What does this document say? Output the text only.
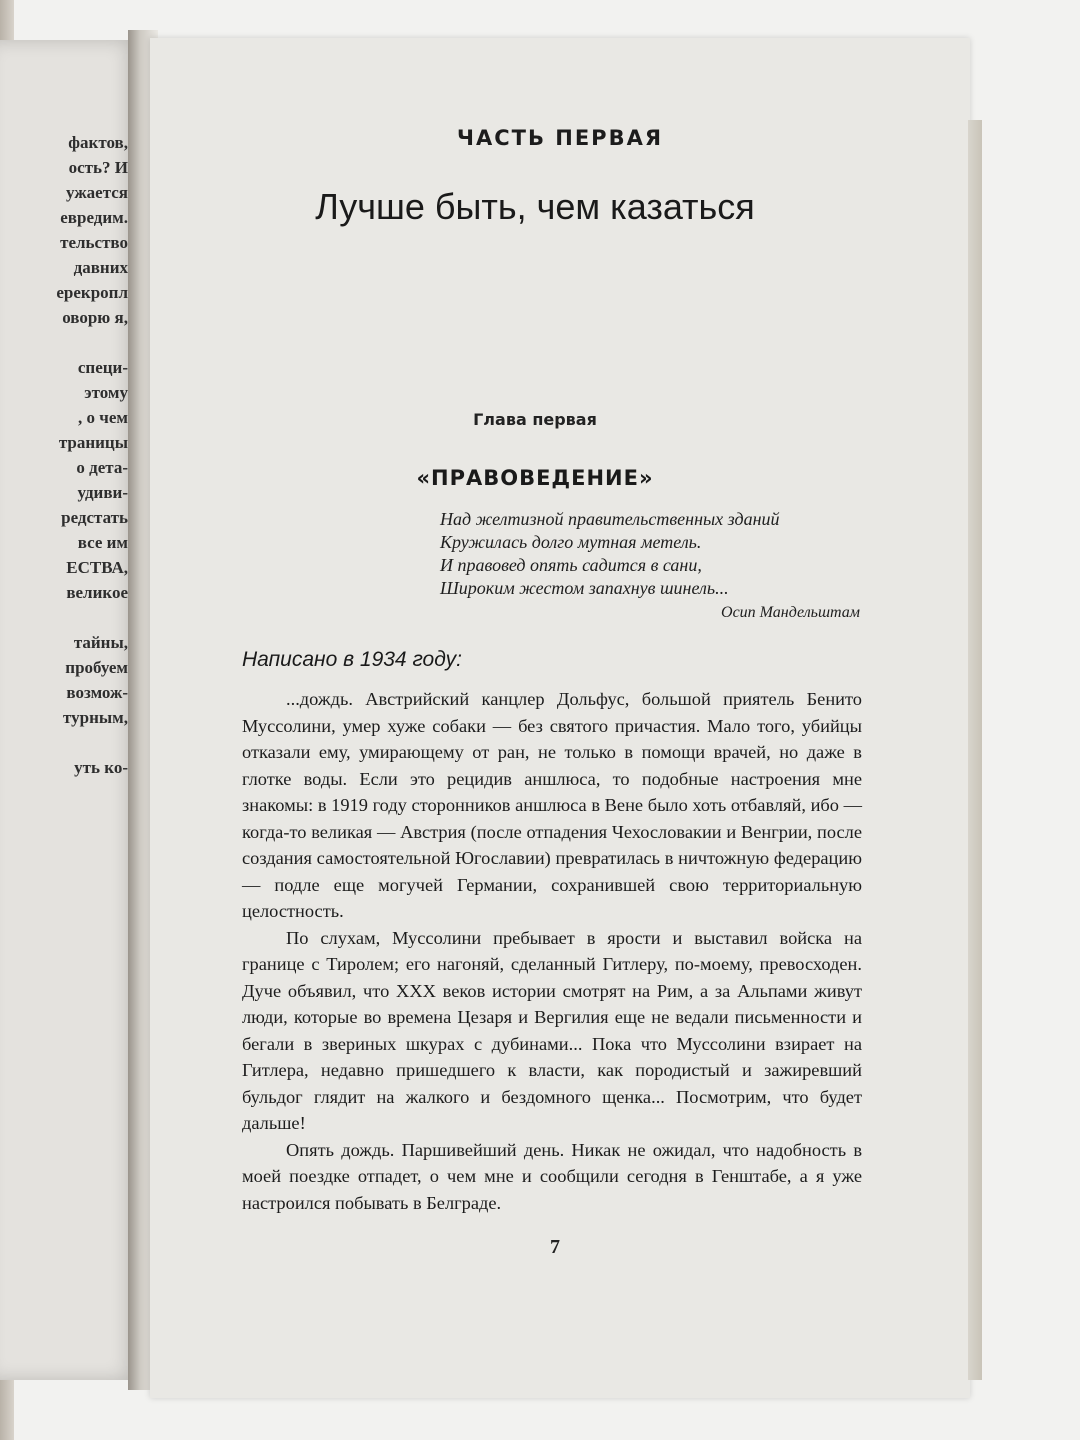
фактов,
ость? И
ужается
евредим.
тельство
давних
ерекропл
оворю я,
специ-
этому
, о чем
траницы
о дета-
удиви-
редстать
все им
ЕСТВА,
великое
тайны,
пробуем
возмож-
турным,
уть ко-
ЧАСТЬ ПЕРВАЯ
Лучше быть, чем казаться
Глава первая
«ПРАВОВЕДЕНИЕ»
Над желтизной правительственных зданий
Кружилась долго мутная метель.
И правовед опять садится в сани,
Широким жестом запахнув шинель...
Осип Мандельштам
Написано в 1934 году:

...дождь. Австрийский канцлер Дольфус, большой приятель Бенито Муссолини, умер хуже собаки — без святого причастия. Мало того, убийцы отказали ему, умирающему от ран, не только в помощи врачей, но даже в глотке воды. Если это рецидив аншлюса, то подобные настроения мне знакомы: в 1919 году сторонников аншлюса в Вене было хоть отбавляй, ибо — когда-то великая — Австрия (после отпадения Чехословакии и Венгрии, после создания самостоятельной Югославии) превратилась в ничтожную федерацию — подле еще могучей Германии, сохранившей свою территориальную целостность.

По слухам, Муссолини пребывает в ярости и выставил войска на границе с Тиролем; его нагоняй, сделанный Гитлеру, по-моему, превосходен. Дуче объявил, что XXX веков истории смотрят на Рим, а за Альпами живут люди, которые во времена Цезаря и Вергилия еще не ведали письменности и бегали в звериных шкурах с дубинами... Пока что Муссолини взирает на Гитлера, недавно пришедшего к власти, как породистый и зажиревший бульдог глядит на жалкого и бездомного щенка... Посмотрим, что будет дальше!

Опять дождь. Паршивейший день. Никак не ожидал, что надобность в моей поездке отпадет, о чем мне и сообщили сегодня в Генштабе, а я уже настроился побывать в Белграде.

7
